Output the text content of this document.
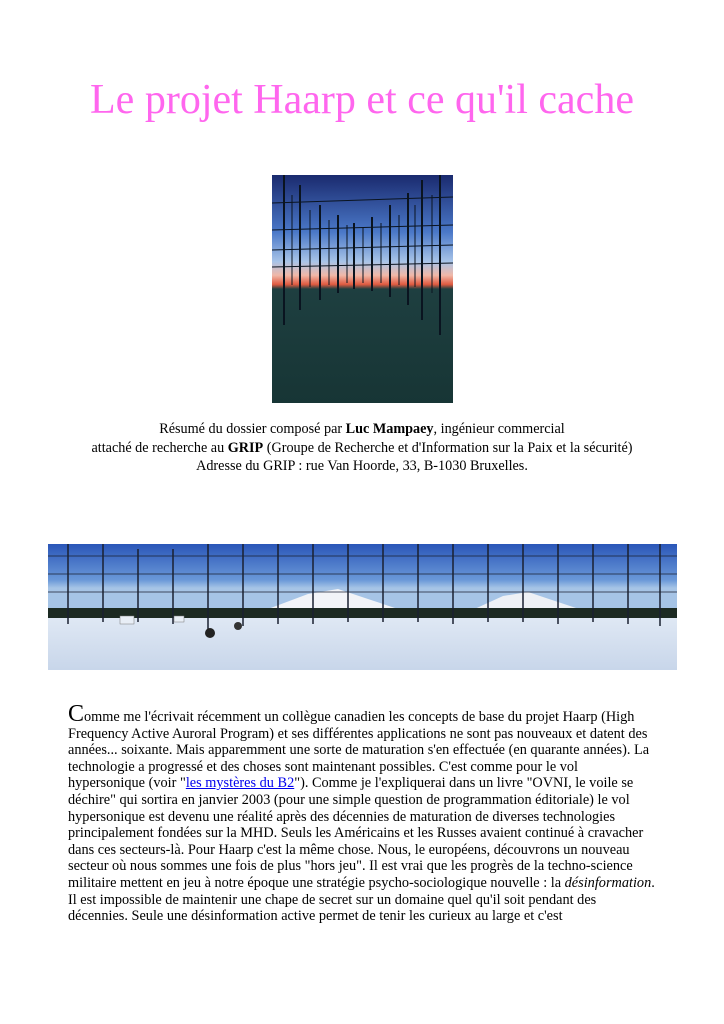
Le projet Haarp et ce qu'il cache
Résumé du dossier composé par Luc Mampaey, ingénieur commercial
attaché de recherche au GRIP (Groupe de Recherche et d'Information sur la Paix et la sécurité)
Adresse du GRIP : rue Van Hoorde, 33, B-1030 Bruxelles.
Comme me l'écrivait récemment un collègue canadien les concepts de base du projet Haarp (High Frequency Active Auroral Program) et ses différentes applications ne sont pas nouveaux et datent des années... soixante. Mais apparemment une sorte de maturation s'en effectuée (en quarante années). La technologie a progressé et des choses sont maintenant possibles. C'est comme pour le vol hypersonique (voir "les mystères du B2"). Comme je l'expliquerai dans un livre "OVNI, le voile se déchire" qui sortira en janvier 2003 (pour une simple question de programmation éditoriale) le vol hypersonique est devenu une réalité après des décennies de maturation de diverses technologies principalement fondées sur la MHD. Seuls les Américains et les Russes avaient continué à cravacher dans ces secteurs-là. Pour Haarp c'est la même chose. Nous, le européens, découvrons un nouveau secteur où nous sommes une fois de plus "hors jeu". Il est vrai que les progrès de la techno-science militaire mettent en jeu à notre époque une stratégie psycho-sociologique nouvelle : la désinformation. Il est impossible de maintenir une chape de secret sur un domaine quel qu'il soit pendant des décennies. Seule une désinformation active permet de tenir les curieux au large et c'est
